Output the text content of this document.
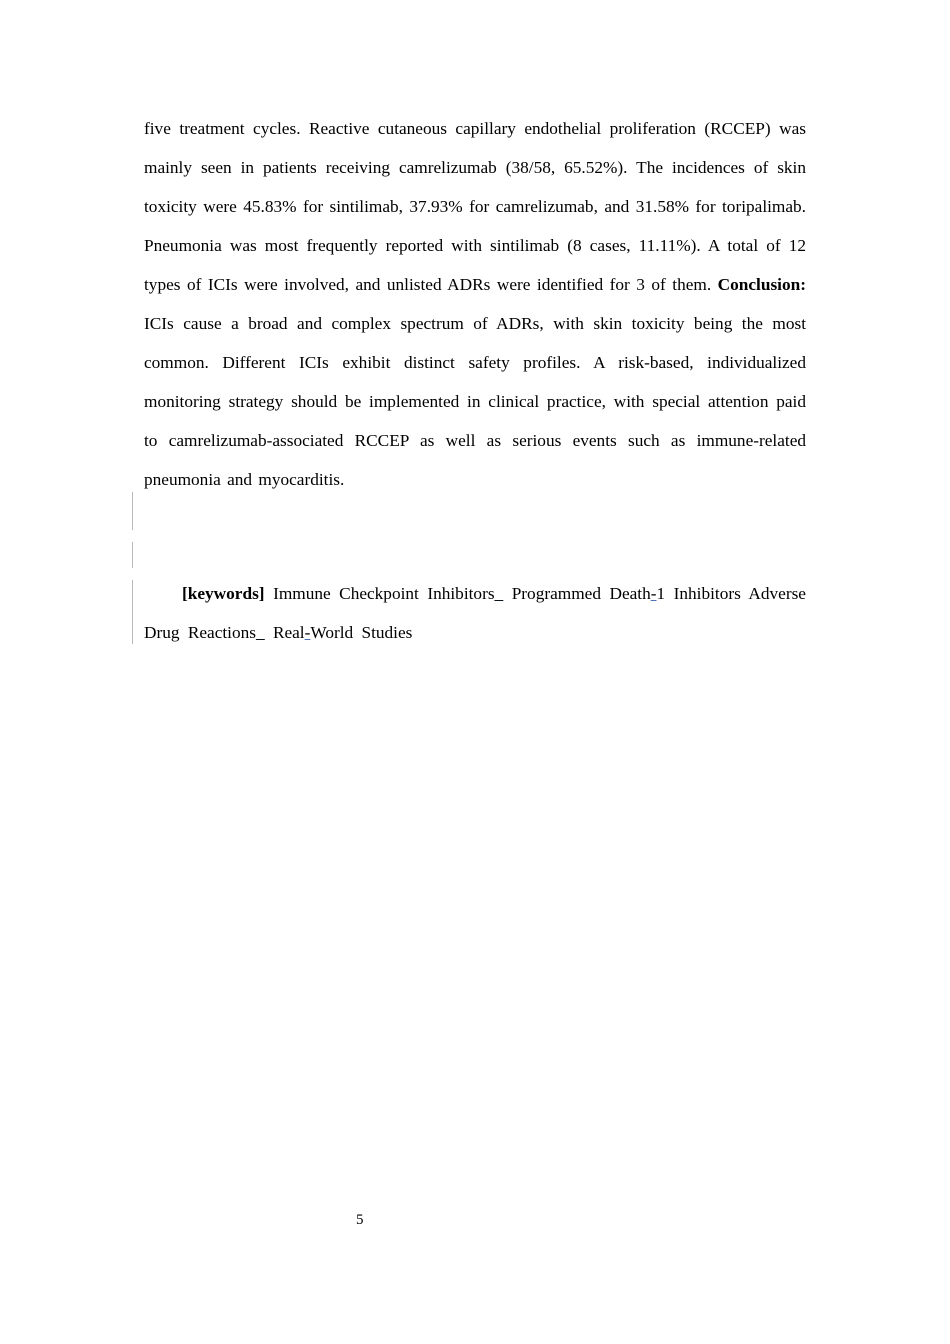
five treatment cycles. Reactive cutaneous capillary endothelial proliferation (RCCEP) was mainly seen in patients receiving camrelizumab (38/58, 65.52%). The incidences of skin toxicity were 45.83% for sintilimab, 37.93% for camrelizumab, and 31.58% for toripalimab. Pneumonia was most frequently reported with sintilimab (8 cases, 11.11%). A total of 12 types of ICIs were involved, and unlisted ADRs were identified for 3 of them. Conclusion: ICIs cause a broad and complex spectrum of ADRs, with skin toxicity being the most common. Different ICIs exhibit distinct safety profiles. A risk-based, individualized monitoring strategy should be implemented in clinical practice, with special attention paid to camrelizumab-associated RCCEP as well as serious events such as immune-related pneumonia and myocarditis.

[keywords] Immune Checkpoint Inhibitors_ Programmed Death-1 Inhibitors Adverse Drug Reactions_ Real-World Studies

5
